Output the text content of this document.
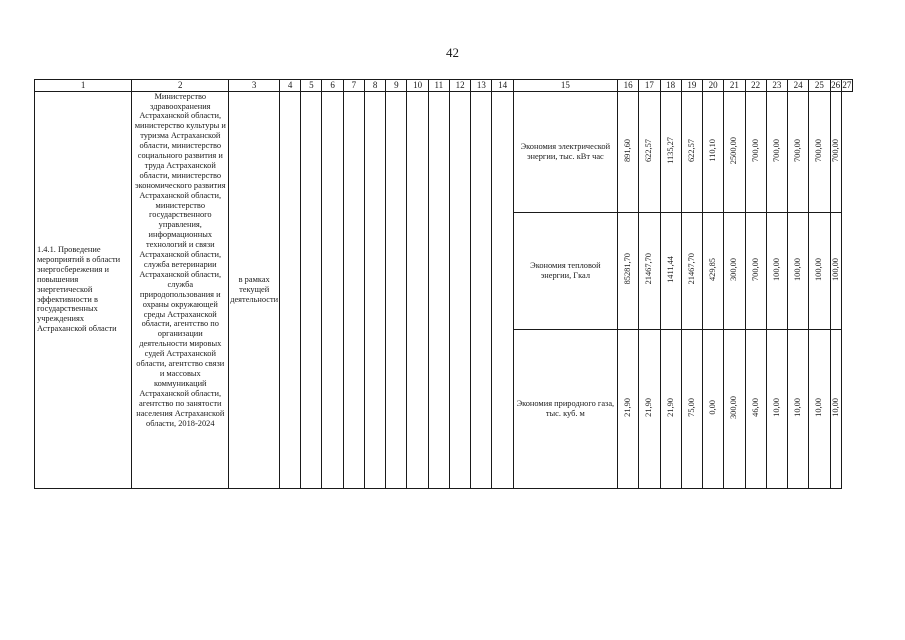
42
1	2	3	4	5	6	7	8	9	10	11	12	13	14	15	16	17	18	19	20	21	22	23	24	25	26	27
1.4.1. Проведение мероприятий в области энергосбережения и повышения энергетической эффективности в государственных учреждениях Астраханской области	Министерство здравоохранения Астраханской области, министерство культуры и туризма Астраханской области, министерство социального развития и труда Астраханской области, министерство экономического развития Астраханской области, министерство государственного управления, информационных технологий и связи Астраханской области, служба ветеринарии Астраханской области, служба природопользования и охраны окружающей среды Астраханской области, агентство по организации деятельности мировых судей Астраханской области, агентство связи и массовых коммуникаций Астраханской области, агентство по занятости населения Астраханской области, 2018-2024	в рамках текущей деятельности												Экономия электрической энергии, тыс. кВт час	891,60	622,57	1135,27	622,57	110,10	2500,00	700,00	700,00	700,00	700,00	700,00	
														Экономия тепловой энергии, Гкал	85281,70	21467,70	1411,44	21467,70	429,85	300,00	700,00	100,00	100,00	100,00	100,00	
														Экономия природного газа, тыс. куб. м	21,90	21,90	21,90	75,00	0,00	300,00	46,00	10,00	10,00	10,00	10,00	
